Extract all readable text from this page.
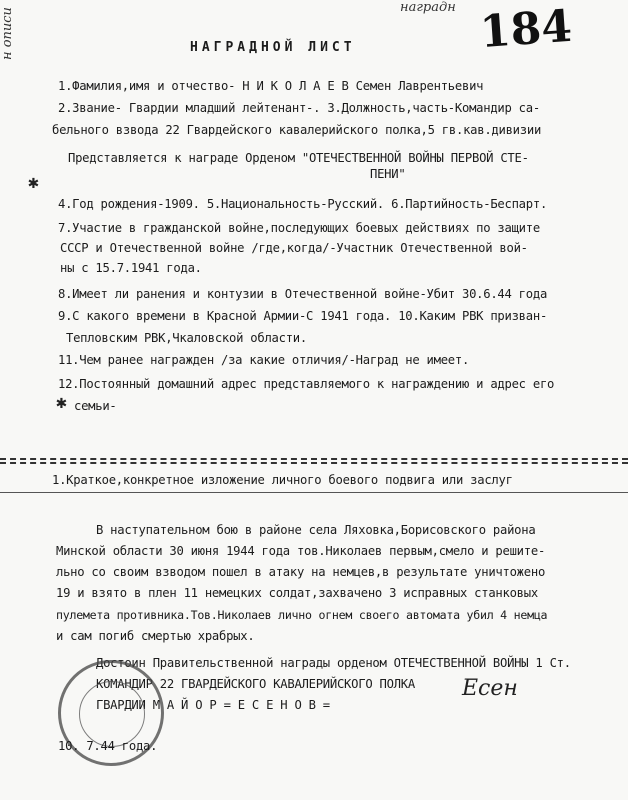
наградн 184
н описи	НАГРАДНОЙ ЛИСТ
1.Фамилия,имя и отчество- Н И К О Л А Е В Семен Лаврентьевич
2.Звание- Гвардии младший лейтенант-. 3.Должность,часть-Командир са-
бельного взвода 22 Гвардейского кавалерийского полка,5 гв.кав.дивизии
Представляется к награде Орденом "ОТЕЧЕСТВЕННОЙ ВОЙНЫ ПЕРВОЙ СТЕ-
ПЕНИ"
✱
4.Год рождения-1909. 5.Национальность-Русский. 6.Партийность-Беспарт.
7.Участие в гражданской войне,последующих боевых действиях по защите
СССР и Отечественной войне /где,когда/-Участник Отечественной вой-
ны с 15.7.1941 года.
8.Имеет ли ранения и контузии в Отечественной войне-Убит 30.6.44 года
9.С какого времени в Красной Армии-С 1941 года. 10.Каким РВК призван-
Тепловским РВК,Чкаловской области.
11.Чем ранее награжден /за какие отличия/-Наград не имеет.
12.Постоянный домашний адрес представляемого к награждению и адрес его
семьи-
✱
1.Краткое,конкретное изложение личного боевого подвига или заслуг
В наступательном бою в районе села Ляховка,Борисовского района
Минской области 30 июня 1944 года тов.Николаев первым,смело и решите-
льно со своим взводом пошел в атаку на немцев,в результате уничтожено
19 и взято в плен 11 немецких солдат,захвачено 3 исправных станковых
пулемета противника.Тов.Николаев лично огнем своего автомата убил 4 немца
и сам погиб смертью храбрых.
Достоин Правительственной награды орденом ОТЕЧЕСТВЕННОЙ ВОЙНЫ 1 Ст.
КОМАНДИР 22 ГВАРДЕЙСКОГО КАВАЛЕРИЙСКОГО ПОЛКА
ГВАРДИИ М А Й О Р = Е С Е Н О В =
Есен
10. 7.44 года.
